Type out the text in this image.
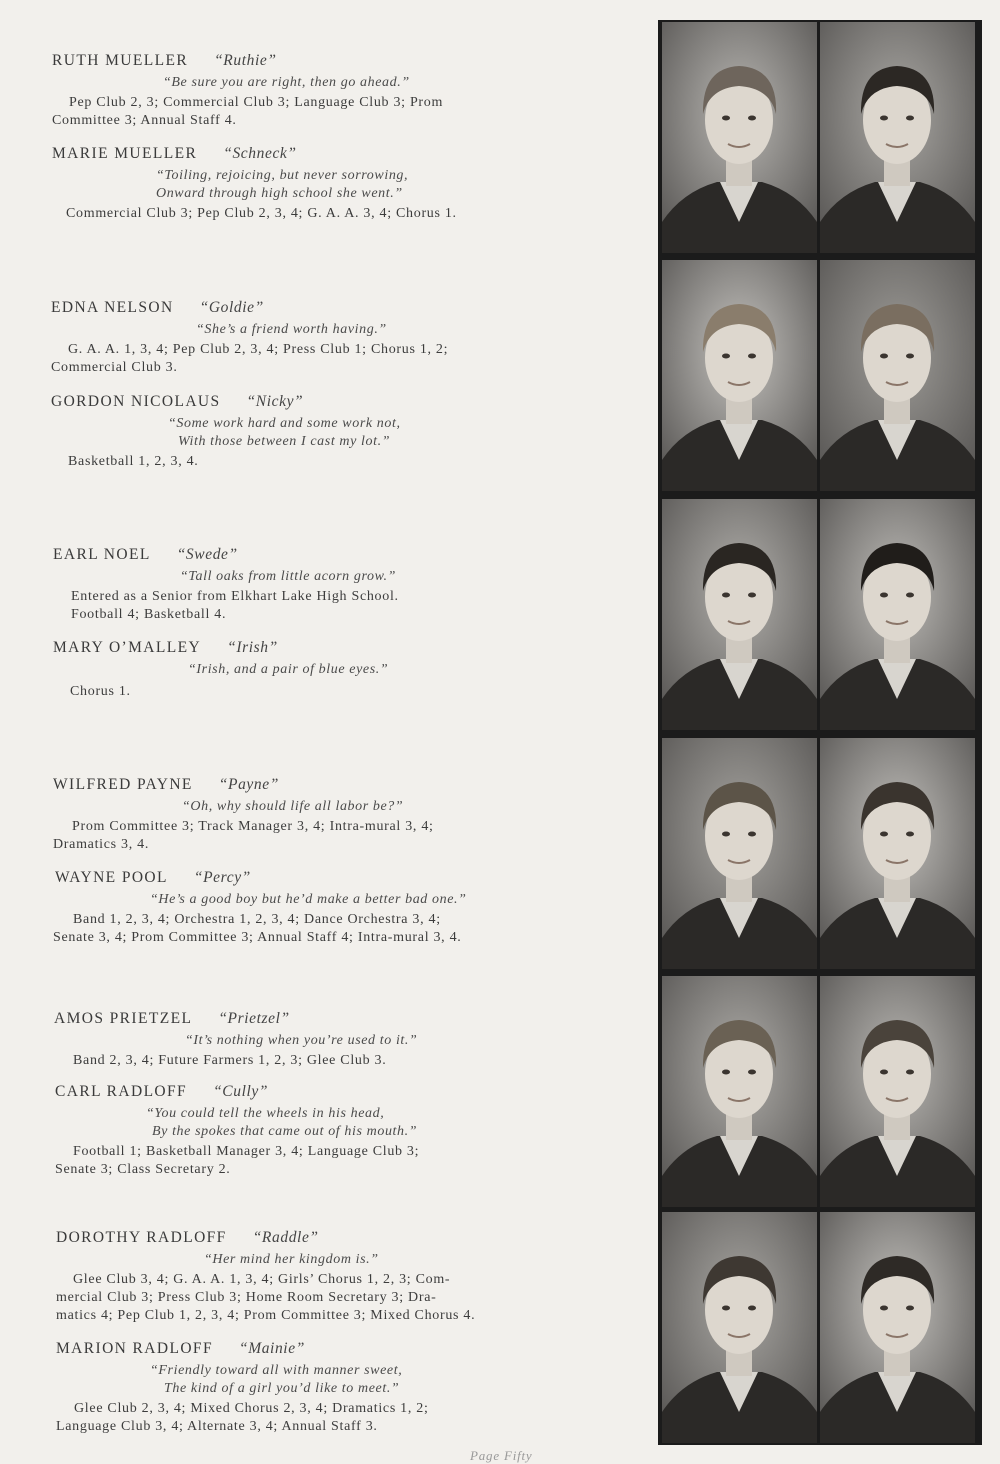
RUTH MUELLER “Ruthie”
“Be sure you are right, then go ahead.”
Pep Club 2, 3; Commercial Club 3; Language Club 3; Prom
Committee 3; Annual Staff 4.
MARIE MUELLER “Schneck”
“Toiling, rejoicing, but never sorrowing,
Onward through high school she went.”
Commercial Club 3; Pep Club 2, 3, 4; G. A. A. 3, 4; Chorus 1.
EDNA NELSON “Goldie”
“She’s a friend worth having.”
G. A. A. 1, 3, 4; Pep Club 2, 3, 4; Press Club 1; Chorus 1, 2;
Commercial Club 3.
GORDON NICOLAUS “Nicky”
“Some work hard and some work not,
With those between I cast my lot.”
Basketball 1, 2, 3, 4.
EARL NOEL “Swede”
“Tall oaks from little acorn grow.”
Entered as a Senior from Elkhart Lake High School.
Football 4; Basketball 4.
MARY O’MALLEY “Irish”
“Irish, and a pair of blue eyes.”
Chorus 1.
WILFRED PAYNE “Payne”
“Oh, why should life all labor be?”
Prom Committee 3; Track Manager 3, 4; Intra-mural 3, 4;
Dramatics 3, 4.
WAYNE POOL “Percy”
“He’s a good boy but he’d make a better bad one.”
Band 1, 2, 3, 4; Orchestra 1, 2, 3, 4; Dance Orchestra 3, 4;
Senate 3, 4; Prom Committee 3; Annual Staff 4; Intra-mural 3, 4.
AMOS PRIETZEL “Prietzel”
“It’s nothing when you’re used to it.”
Band 2, 3, 4; Future Farmers 1, 2, 3; Glee Club 3.
CARL RADLOFF “Cully”
“You could tell the wheels in his head,
By the spokes that came out of his mouth.”
Football 1; Basketball Manager 3, 4; Language Club 3;
Senate 3; Class Secretary 2.
DOROTHY RADLOFF “Raddle”
“Her mind her kingdom is.”
Glee Club 3, 4; G. A. A. 1, 3, 4; Girls’ Chorus 1, 2, 3; Com-
mercial Club 3; Press Club 3; Home Room Secretary 3; Dra-
matics 4; Pep Club 1, 2, 3, 4; Prom Committee 3; Mixed Chorus 4.
MARION RADLOFF “Mainie”
“Friendly toward all with manner sweet,
The kind of a girl you’d like to meet.”
Glee Club 2, 3, 4; Mixed Chorus 2, 3, 4; Dramatics 1, 2;
Language Club 3, 4; Alternate 3, 4; Annual Staff 3.
Page Fifty
